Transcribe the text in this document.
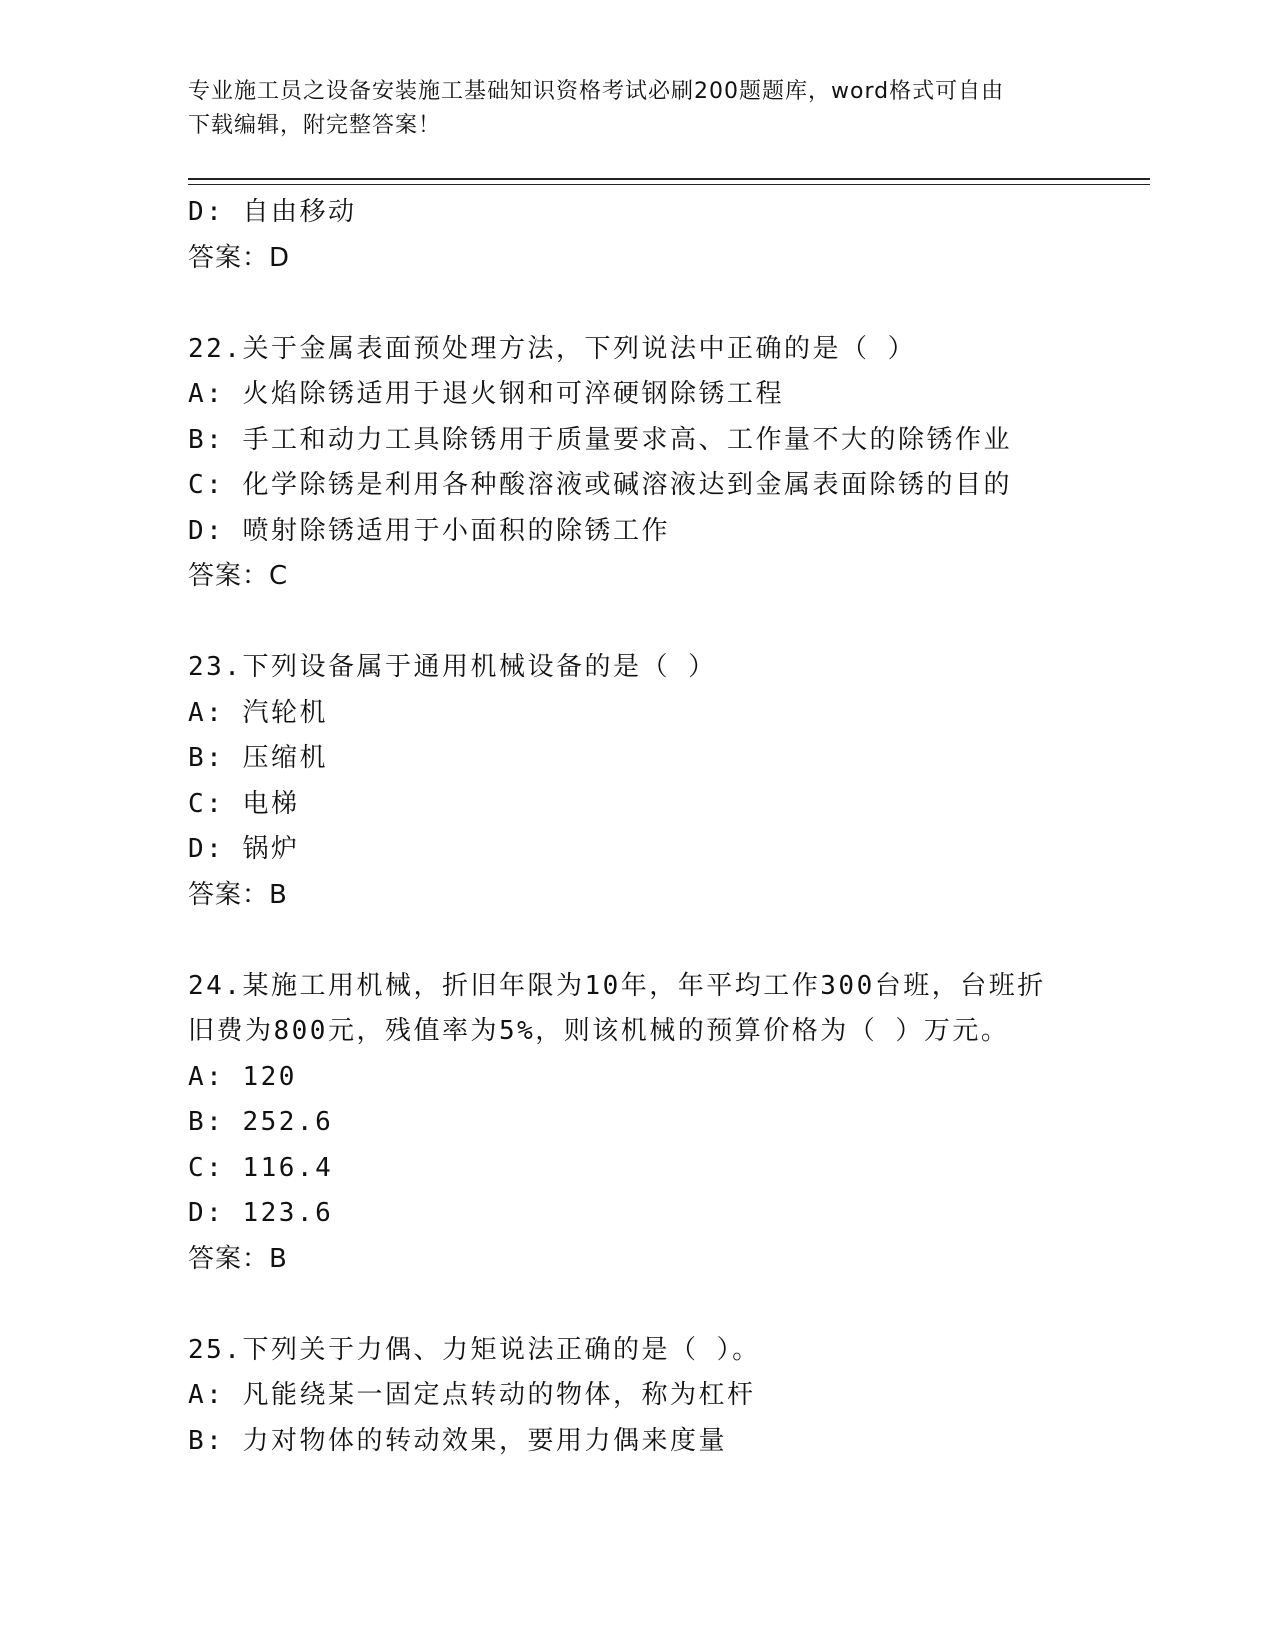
专业施工员之设备安装施工基础知识资格考试必刷200题题库，word格式可自由
下载编辑，附完整答案！
D: 自由移动
答案：D
22.关于金属表面预处理方法，下列说法中正确的是（ ）
A: 火焰除锈适用于退火钢和可淬硬钢除锈工程
B: 手工和动力工具除锈用于质量要求高、工作量不大的除锈作业
C: 化学除锈是利用各种酸溶液或碱溶液达到金属表面除锈的目的
D: 喷射除锈适用于小面积的除锈工作
答案：C
23.下列设备属于通用机械设备的是（ ）
A: 汽轮机
B: 压缩机
C: 电梯
D: 锅炉
答案：B
24.某施工用机械，折旧年限为10年，年平均工作300台班，台班折
旧费为800元，残值率为5%，则该机械的预算价格为（ ）万元。
A: 120
B: 252.6
C: 116.4
D: 123.6
答案：B
25.下列关于力偶、力矩说法正确的是（ ）。
A: 凡能绕某一固定点转动的物体，称为杠杆
B: 力对物体的转动效果，要用力偶来度量
